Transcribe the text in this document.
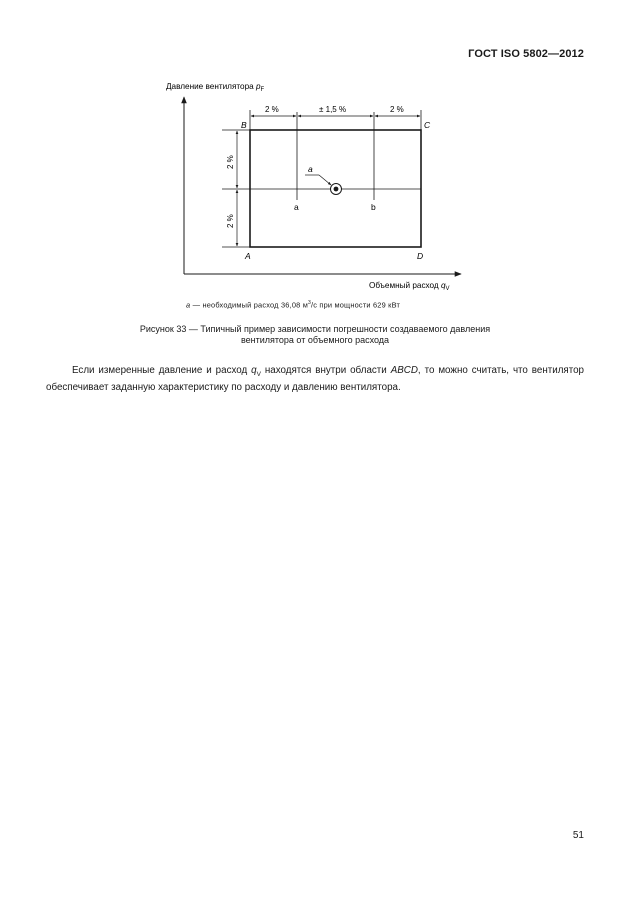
ГОСТ ISO 5802—2012
Давление вентилятора $p_F$
Объемный расход $q_V$
a	b
2 %	± 1,5 %	2 %
2 %
2 %
B	C
A	D
a
а — необходимый расход 36,08 $м^3/с$ при мощности 629 кВт

Рисунок 33 — Типичный пример зависимости погрешности создаваемого давления

вентилятора от объемного расхода

Если измеренные давление и расход $q_V$ находятся внутри области ABCD, то можно считать, что вентилятор обеспечивает заданную характеристику по расходу и давлению вентилятора.

51
